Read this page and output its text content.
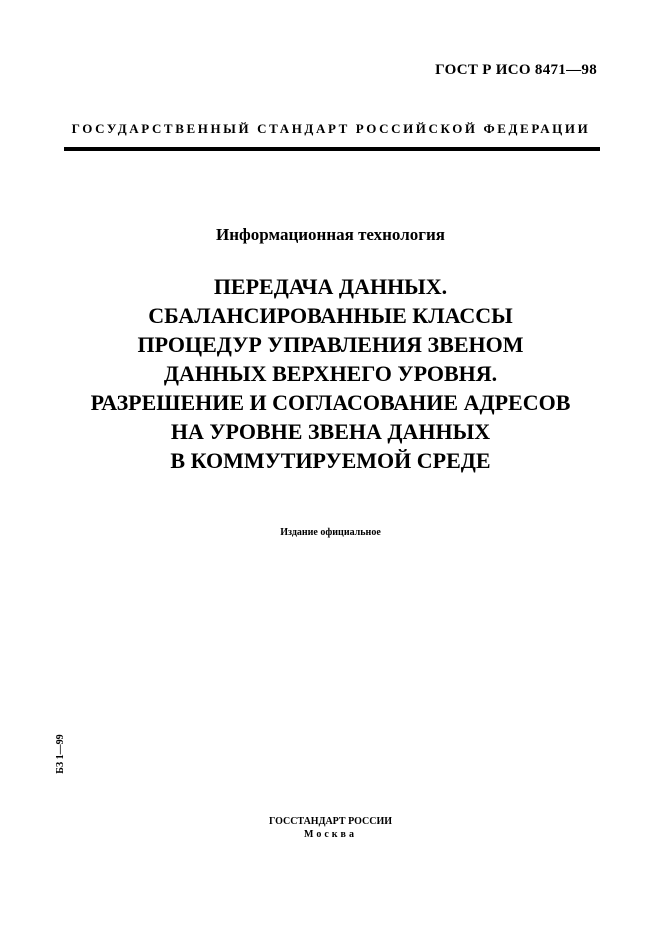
ГОСТ Р ИСО 8471—98
ГОСУДАРСТВЕННЫЙ СТАНДАРТ РОССИЙСКОЙ ФЕДЕРАЦИИ
Информационная технология
ПЕРЕДАЧА ДАННЫХ.
СБАЛАНСИРОВАННЫЕ КЛАССЫ
ПРОЦЕДУР УПРАВЛЕНИЯ ЗВЕНОМ
ДАННЫХ ВЕРХНЕГО УРОВНЯ.
РАЗРЕШЕНИЕ И СОГЛАСОВАНИЕ АДРЕСОВ
НА УРОВНЕ ЗВЕНА ДАННЫХ
В КОММУТИРУЕМОЙ СРЕДЕ
Издание официальное
БЗ 1—99
ГОССТАНДАРТ РОССИИ
Москва
